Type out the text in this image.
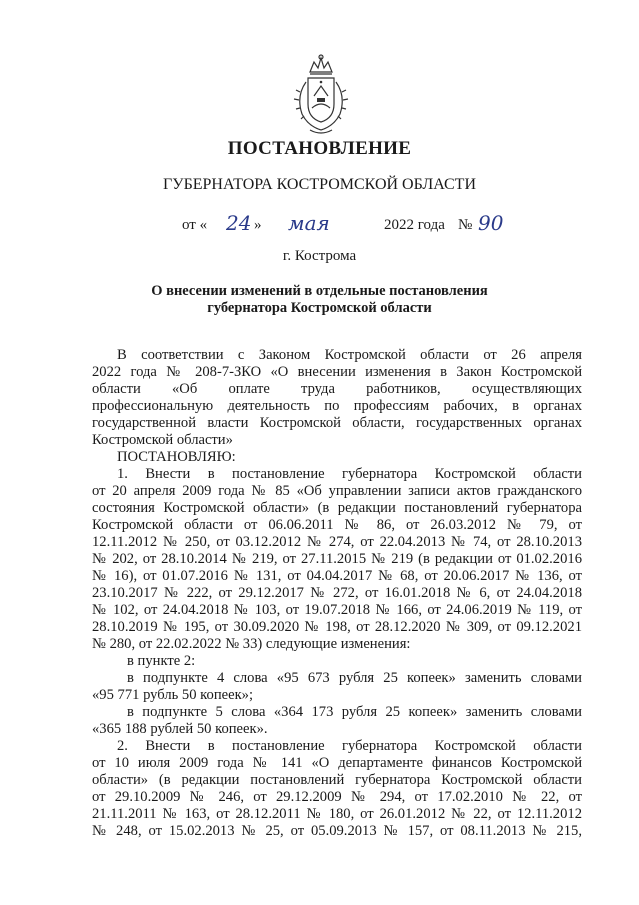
ПОСТАНОВЛЕНИЕ
ГУБЕРНАТОРА КОСТРОМСКОЙ ОБЛАСТИ
от « 24 » мая	2022 года № 90
г. Кострома
О внесении изменений в отдельные постановления
губернатора Костромской области
В соответствии с Законом Костромской области от 26 апреля
2022 года № 208-7-ЗКО «О внесении изменения в Закон Костромской
области «Об оплате труда работников, осуществляющих
профессиональную деятельность по профессиям рабочих, в органах
государственной власти Костромской области, государственных органах
Костромской области»
ПОСТАНОВЛЯЮ:
1. Внести в постановление губернатора Костромской области
от 20 апреля 2009 года № 85 «Об управлении записи актов гражданского
состояния Костромской области» (в редакции постановлений губернатора
Костромской области от 06.06.2011 № 86, от 26.03.2012 № 79, от
12.11.2012 № 250, от 03.12.2012 № 274, от 22.04.2013 № 74, от 28.10.2013
№ 202, от 28.10.2014 № 219, от 27.11.2015 № 219 (в редакции от 01.02.2016
№ 16), от 01.07.2016 № 131, от 04.04.2017 № 68, от 20.06.2017 № 136, от
23.10.2017 № 222, от 29.12.2017 № 272, от 16.01.2018 № 6, от 24.04.2018
№ 102, от 24.04.2018 № 103, от 19.07.2018 № 166, от 24.06.2019 № 119, от
28.10.2019 № 195, от 30.09.2020 № 198, от 28.12.2020 № 309, от 09.12.2021
№ 280, от 22.02.2022 № 33) следующие изменения:
в пункте 2:
в подпункте 4 слова «95 673 рубля 25 копеек» заменить словами
«95 771 рубль 50 копеек»;
в подпункте 5 слова «364 173 рубля 25 копеек» заменить словами
«365 188 рублей 50 копеек».
2. Внести в постановление губернатора Костромской области
от 10 июля 2009 года № 141 «О департаменте финансов Костромской
области» (в редакции постановлений губернатора Костромской области
от 29.10.2009 № 246, от 29.12.2009 № 294, от 17.02.2010 № 22, от
21.11.2011 № 163, от 28.12.2011 № 180, от 26.01.2012 № 22, от 12.11.2012
№ 248, от 15.02.2013 № 25, от 05.09.2013 № 157, от 08.11.2013 № 215,
